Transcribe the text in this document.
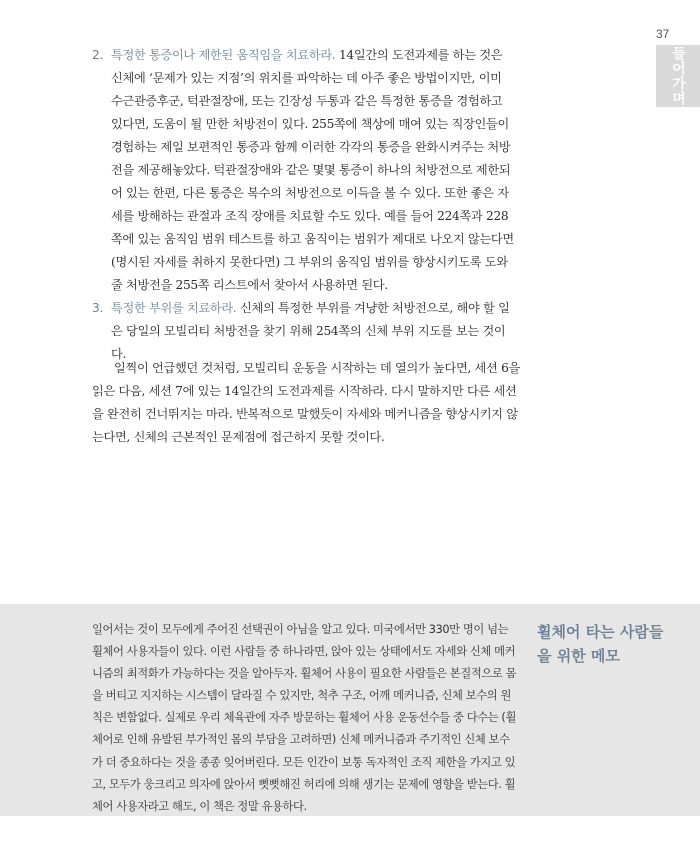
37
들어가며
2. 특정한 통증이나 제한된 움직임을 치료하라. 14일간의 도전과제를 하는 것은 신체에 ‘문제가 있는 지점’의 위치를 파악하는 데 아주 좋은 방법이지만, 이미 수근관증후군, 턱관절장애, 또는 긴장성 두통과 같은 특정한 통증을 경험하고 있다면, 도움이 될 만한 처방전이 있다. 255쪽에 책상에 매여 있는 직장인들이 경험하는 제일 보편적인 통증과 함께 이러한 각각의 통증을 완화시켜주는 처방전을 제공해놓았다. 턱관절장애와 같은 몇몇 통증이 하나의 처방전으로 제한되어 있는 한편, 다른 통증은 복수의 처방전으로 이득을 볼 수 있다. 또한 좋은 자세를 방해하는 관절과 조직 장애를 치료할 수도 있다. 예를 들어 224쪽과 228쪽에 있는 움직임 범위 테스트를 하고 움직이는 범위가 제대로 나오지 않는다면(명시된 자세를 취하지 못한다면) 그 부위의 움직임 범위를 향상시키도록 도와줄 처방전을 255쪽 리스트에서 찾아서 사용하면 된다.
3. 특정한 부위를 치료하라. 신체의 특정한 부위를 겨냥한 처방전으로, 해야 할 일은 당일의 모빌리티 처방전을 찾기 위해 254쪽의 신체 부위 지도를 보는 것이다.

일찍이 언급했던 것처럼, 모빌리티 운동을 시작하는 데 열의가 높다면, 세션 6을 읽은 다음, 세션 7에 있는 14일간의 도전과제를 시작하라. 다시 말하지만 다른 세션을 완전히 건너뛰지는 마라. 반복적으로 말했듯이 자세와 메커니즘을 향상시키지 않는다면, 신체의 근본적인 문제점에 접근하지 못할 것이다.

일어서는 것이 모두에게 주어진 선택권이 아님을 알고 있다. 미국에서만 330만 명이 넘는 휠체어 사용자들이 있다. 이런 사람들 중 하나라면, 앉아 있는 상태에서도 자세와 신체 메커니즘의 최적화가 가능하다는 것을 알아두자. 휠체어 사용이 필요한 사람들은 본질적으로 몸을 버티고 지지하는 시스템이 달라질 수 있지만, 척추 구조, 어깨 메커니즘, 신체 보수의 원칙은 변함없다. 실제로 우리 체육관에 자주 방문하는 휠체어 사용 운동선수들 중 다수는 (휠체어로 인해 유발된 부가적인 몸의 부담을 고려하면) 신체 메커니즘과 주기적인 신체 보수가 더 중요하다는 것을 종종 잊어버린다. 모든 인간이 보통 독자적인 조직 제한을 가지고 있고, 모두가 웅크리고 의자에 앉아서 뻣뻣해진 허리에 의해 생기는 문제에 영향을 받는다. 휠체어 사용자라고 해도, 이 책은 정말 유용하다.
휠체어 타는 사람들을 위한 메모
